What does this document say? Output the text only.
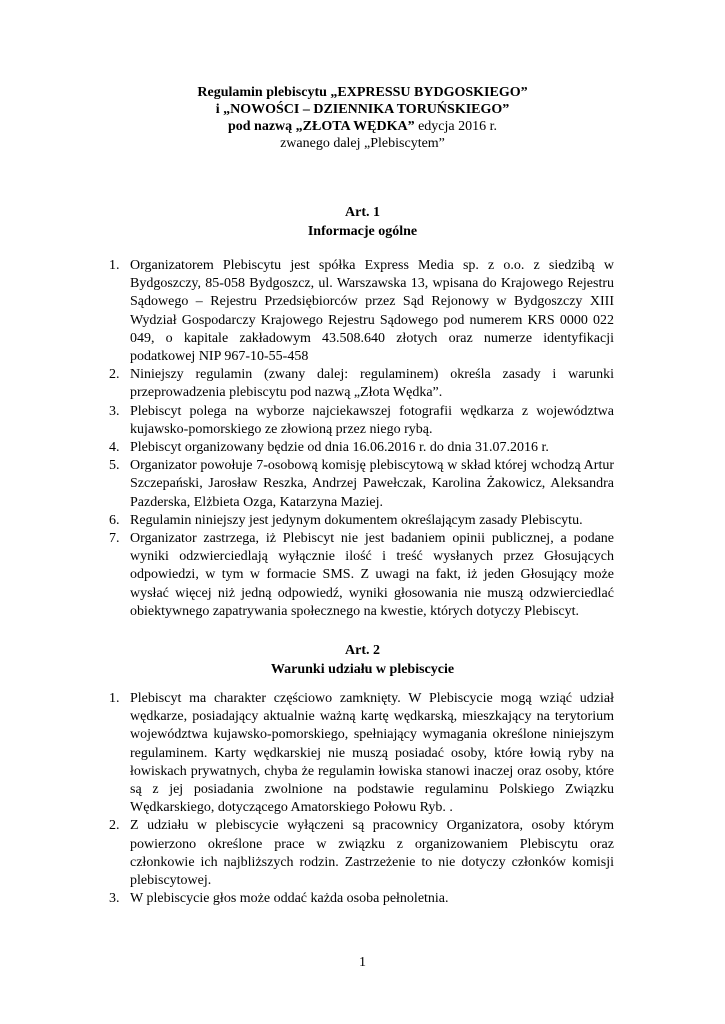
Regulamin plebiscytu „EXPRESSU BYDGOSKIEGO”
i „NOWOŚCI – DZIENNIKA TORUŃSKIEGO”
pod nazwą „ZŁOTA WĘDKA” edycja 2016 r.
zwanego dalej „Plebiscytem”
Art. 1
Informacje ogólne
1. Organizatorem Plebiscytu jest spółka Express Media sp. z o.o. z siedzibą w Bydgoszczy, 85-058 Bydgoszcz, ul. Warszawska 13, wpisana do Krajowego Rejestru Sądowego – Rejestru Przedsiębiorców przez Sąd Rejonowy w Bydgoszczy XIII Wydział Gospodarczy Krajowego Rejestru Sądowego pod numerem KRS 0000 022 049, o kapitale zakładowym 43.508.640 złotych oraz numerze identyfikacji podatkowej NIP 967-10-55-458
2. Niniejszy regulamin (zwany dalej: regulaminem) określa zasady i warunki przeprowadzenia plebiscytu pod nazwą „Złota Wędka”.
3. Plebiscyt polega na wyborze najciekawszej fotografii wędkarza z województwa kujawsko-pomorskiego ze złowioną przez niego rybą.
4. Plebiscyt organizowany będzie od dnia 16.06.2016 r. do dnia 31.07.2016 r.
5. Organizator powołuje 7-osobową komisję plebiscytową w skład której wchodzą Artur Szczepański, Jarosław Reszka, Andrzej Pawełczak, Karolina Żakowicz, Aleksandra Pazderska, Elżbieta Ozga, Katarzyna Maziej.
6. Regulamin niniejszy jest jedynym dokumentem określającym zasady Plebiscytu.
7. Organizator zastrzega, iż Plebiscyt nie jest badaniem opinii publicznej, a podane wyniki odzwierciedlają wyłącznie ilość i treść wysłanych przez Głosujących odpowiedzi, w tym w formacie SMS. Z uwagi na fakt, iż jeden Głosujący może wysłać więcej niż jedną odpowiedź, wyniki głosowania nie muszą odzwierciedlać obiektywnego zapatrywania społecznego na kwestie, których dotyczy Plebiscyt.
Art. 2
Warunki udziału w plebiscycie
1. Plebiscyt ma charakter częściowo zamknięty. W Plebiscycie mogą wziąć udział wędkarze, posiadający aktualnie ważną kartę wędkarską, mieszkający na terytorium województwa kujawsko-pomorskiego, spełniający wymagania określone niniejszym regulaminem. Karty wędkarskiej nie muszą posiadać osoby, które łowią ryby na łowiskach prywatnych, chyba że regulamin łowiska stanowi inaczej oraz osoby, które są z jej posiadania zwolnione na podstawie regulaminu Polskiego Związku Wędkarskiego, dotyczącego Amatorskiego Połowu Ryb. .
2. Z udziału w plebiscycie wyłączeni są pracownicy Organizatora, osoby którym powierzono określone prace w związku z organizowaniem Plebiscytu oraz członkowie ich najbliższych rodzin. Zastrzeżenie to nie dotyczy członków komisji plebiscytowej.
3. W plebiscycie głos może oddać każda osoba pełnoletnia.
1
